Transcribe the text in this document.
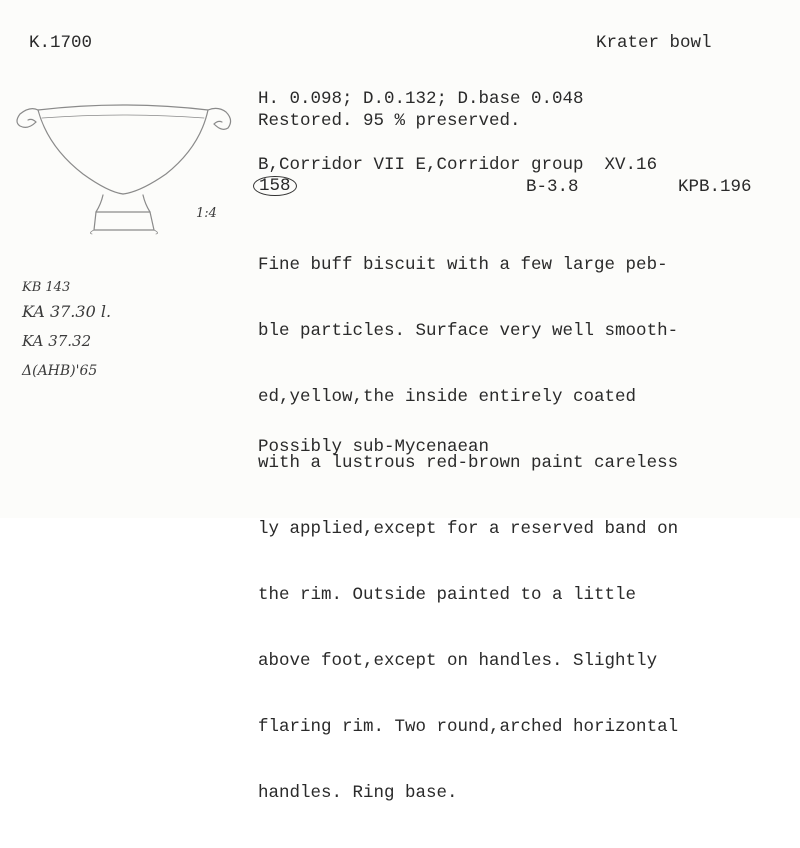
K.1700	Krater bowl
1:4
H. 0.098; D.0.132; D.base 0.048
Restored. 95 % preserved.
B,Corridor VII E,Corridor group  XV.16
158	B-3.8	KPB.196

Fine buff biscuit with a few large peb-

ble particles. Surface very well smooth-

ed,yellow,the inside entirely coated

with a lustrous red-brown paint careless

ly applied,except for a reserved band on

the rim. Outside painted to a little

above foot,except on handles. Slightly

flaring rim. Two round,arched horizontal

handles. Ring base.

Possibly sub-Mycenaean
KB 143
KA 37.30 l.
KA 37.32
Δ(AHB)'65
